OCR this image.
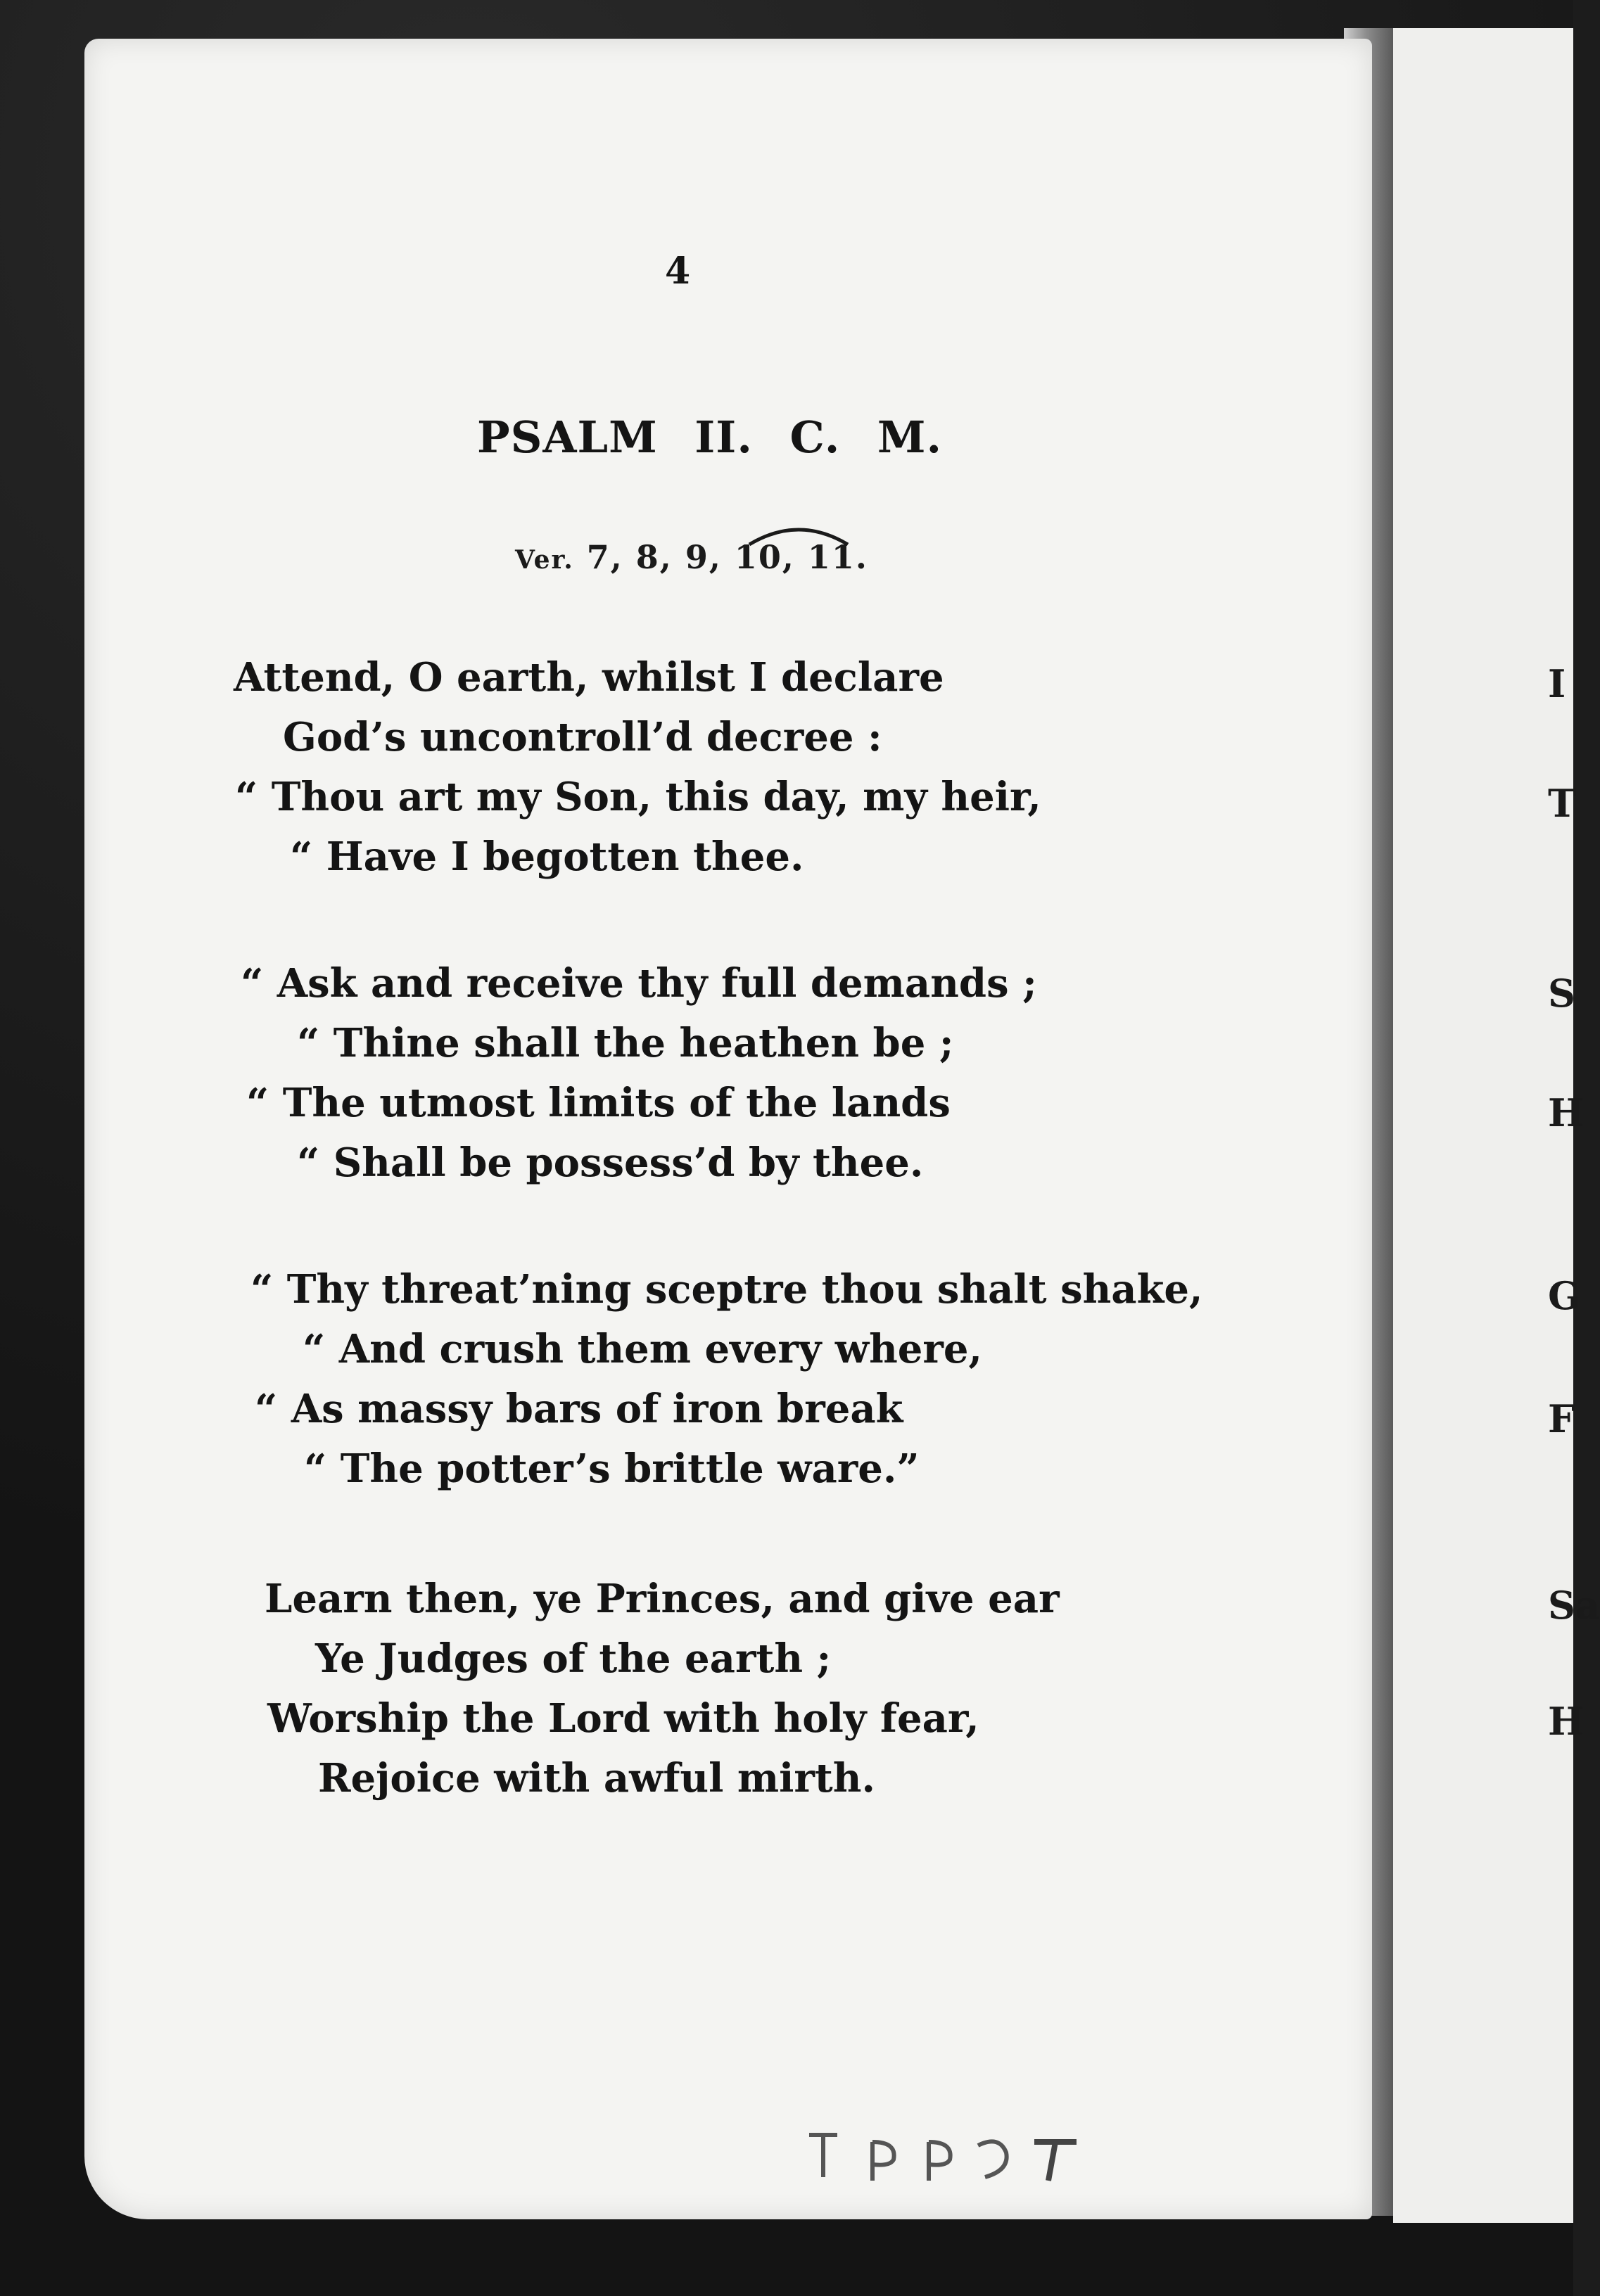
4
PSALM II. C. M.
Ver. 7, 8, 9, 10, 11.
Attend, O earth, whilst I declare
God’s uncontroll’d decree :
“ Thou art my Son, this day, my heir,
“ Have I begotten thee.
“ Ask and receive thy full demands ;
“ Thine shall the heathen be ;
“ The utmost limits of the lands
“ Shall be possess’d by thee.
“ Thy threat’ning sceptre thou shalt shake,
“ And crush them every where,
“ As massy bars of iron break
“ The potter’s brittle ware.”
Learn then, ye Princes, and give ear
Ye Judges of the earth ;
Worship the Lord with holy fear,
Rejoice with awful mirth.
I
T
S
H
G
F
Sa
H
